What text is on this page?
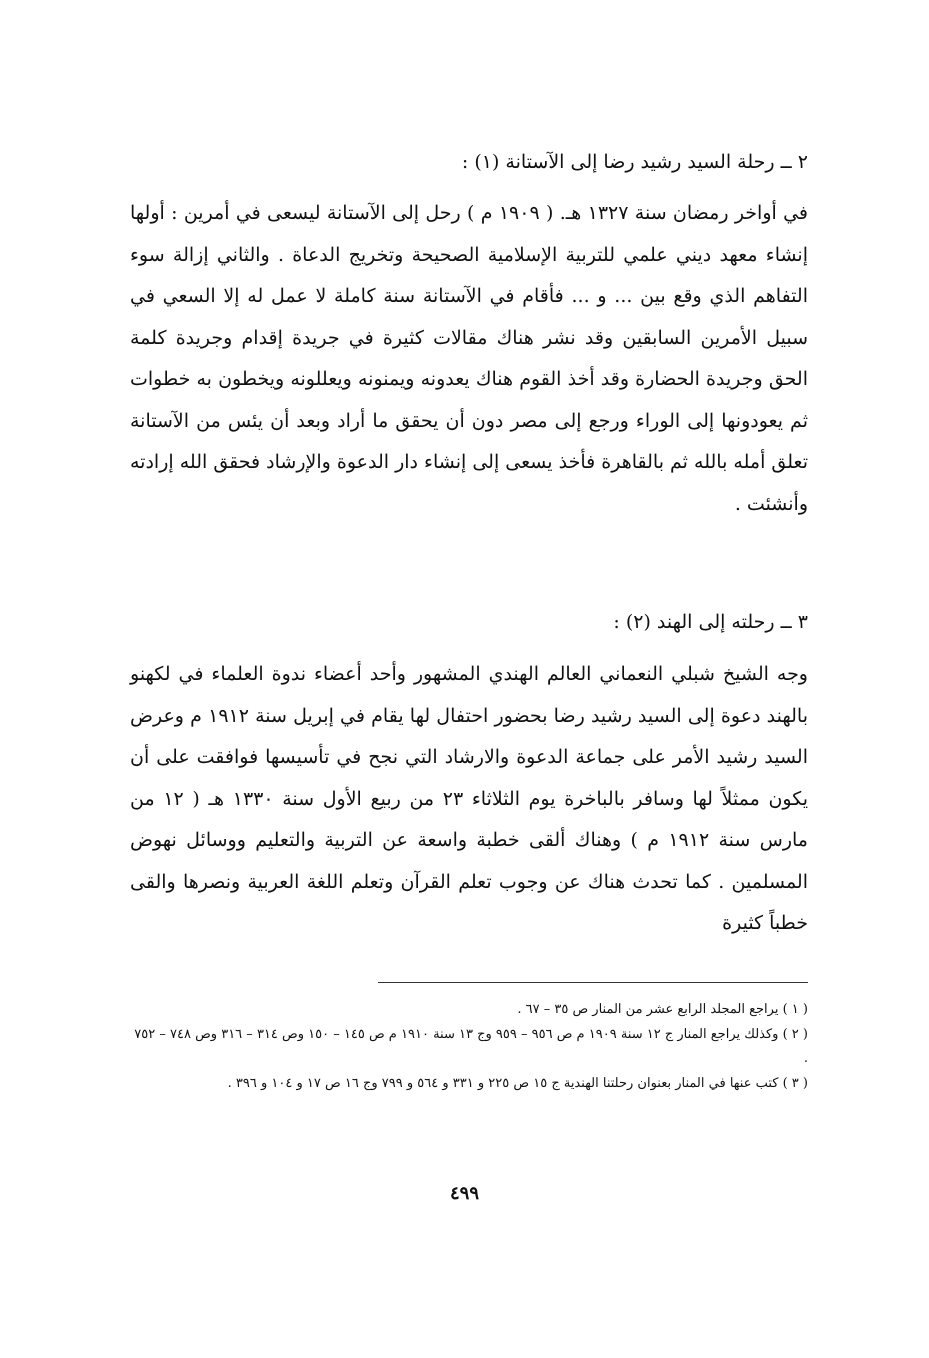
٢ ــ رحلة السيد رشيد رضا إلى الآستانة (١) :

في أواخر رمضان سنة ١٣٢٧ هـ. ( ١٩٠٩ م ) رحل إلى الآستانة ليسعى في أمرين : أولها إنشاء معهد ديني علمي للتربية الإسلامية الصحيحة وتخريج الدعاة . والثاني إزالة سوء التفاهم الذي وقع بين ... و ... فأقام في الآستانة سنة كاملة لا عمل له إلا السعي في سبيل الأمرين السابقين وقد نشر هناك مقالات كثيرة في جريدة إقدام وجريدة كلمة الحق وجريدة الحضارة وقد أخذ القوم هناك يعدونه ويمنونه ويعللونه ويخطون به خطوات ثم يعودونها إلى الوراء ورجع إلى مصر دون أن يحقق ما أراد وبعد أن يئس من الآستانة تعلق أمله بالله ثم بالقاهرة فأخذ يسعى إلى إنشاء دار الدعوة والإرشاد فحقق الله إرادته وأنشئت .

٣ ــ رحلته إلى الهند (٢) :

وجه الشيخ شبلي النعماني العالم الهندي المشهور وأحد أعضاء ندوة العلماء في لكهنو بالهند دعوة إلى السيد رشيد رضا بحضور احتفال لها يقام في إبريل سنة ١٩١٢ م وعرض السيد رشيد الأمر على جماعة الدعوة والارشاد التي نجح في تأسيسها فوافقت على أن يكون ممثلاً لها وسافر بالباخرة يوم الثلاثاء ٢٣ من ربيع الأول سنة ١٣٣٠ هـ ( ١٢ من مارس سنة ١٩١٢ م ) وهناك ألقى خطبة واسعة عن التربية والتعليم ووسائل نهوض المسلمين . كما تحدث هناك عن وجوب تعلم القرآن وتعلم اللغة العربية ونصرها والقى خطباً كثيرة

( ١ ) يراجع المجلد الرابع عشر من المنار ص ٣٥ – ٦٧ .

( ٢ ) وكذلك يراجع المنار ج ١٢ سنة ١٩٠٩ م ص ٩٥٦ – ٩٥٩ وج ١٣ سنة ١٩١٠ م ص ١٤٥ – ١٥٠ وص ٣١٤ – ٣١٦ وص ٧٤٨ – ٧٥٢ .

( ٣ ) كتب عنها في المنار بعنوان رحلتنا الهندية ج ١٥ ص ٢٢٥ و ٣٣١ و ٥٦٤ و ٧٩٩ وج ١٦ ص ١٧ و ١٠٤ و ٣٩٦ .

٤٩٩
